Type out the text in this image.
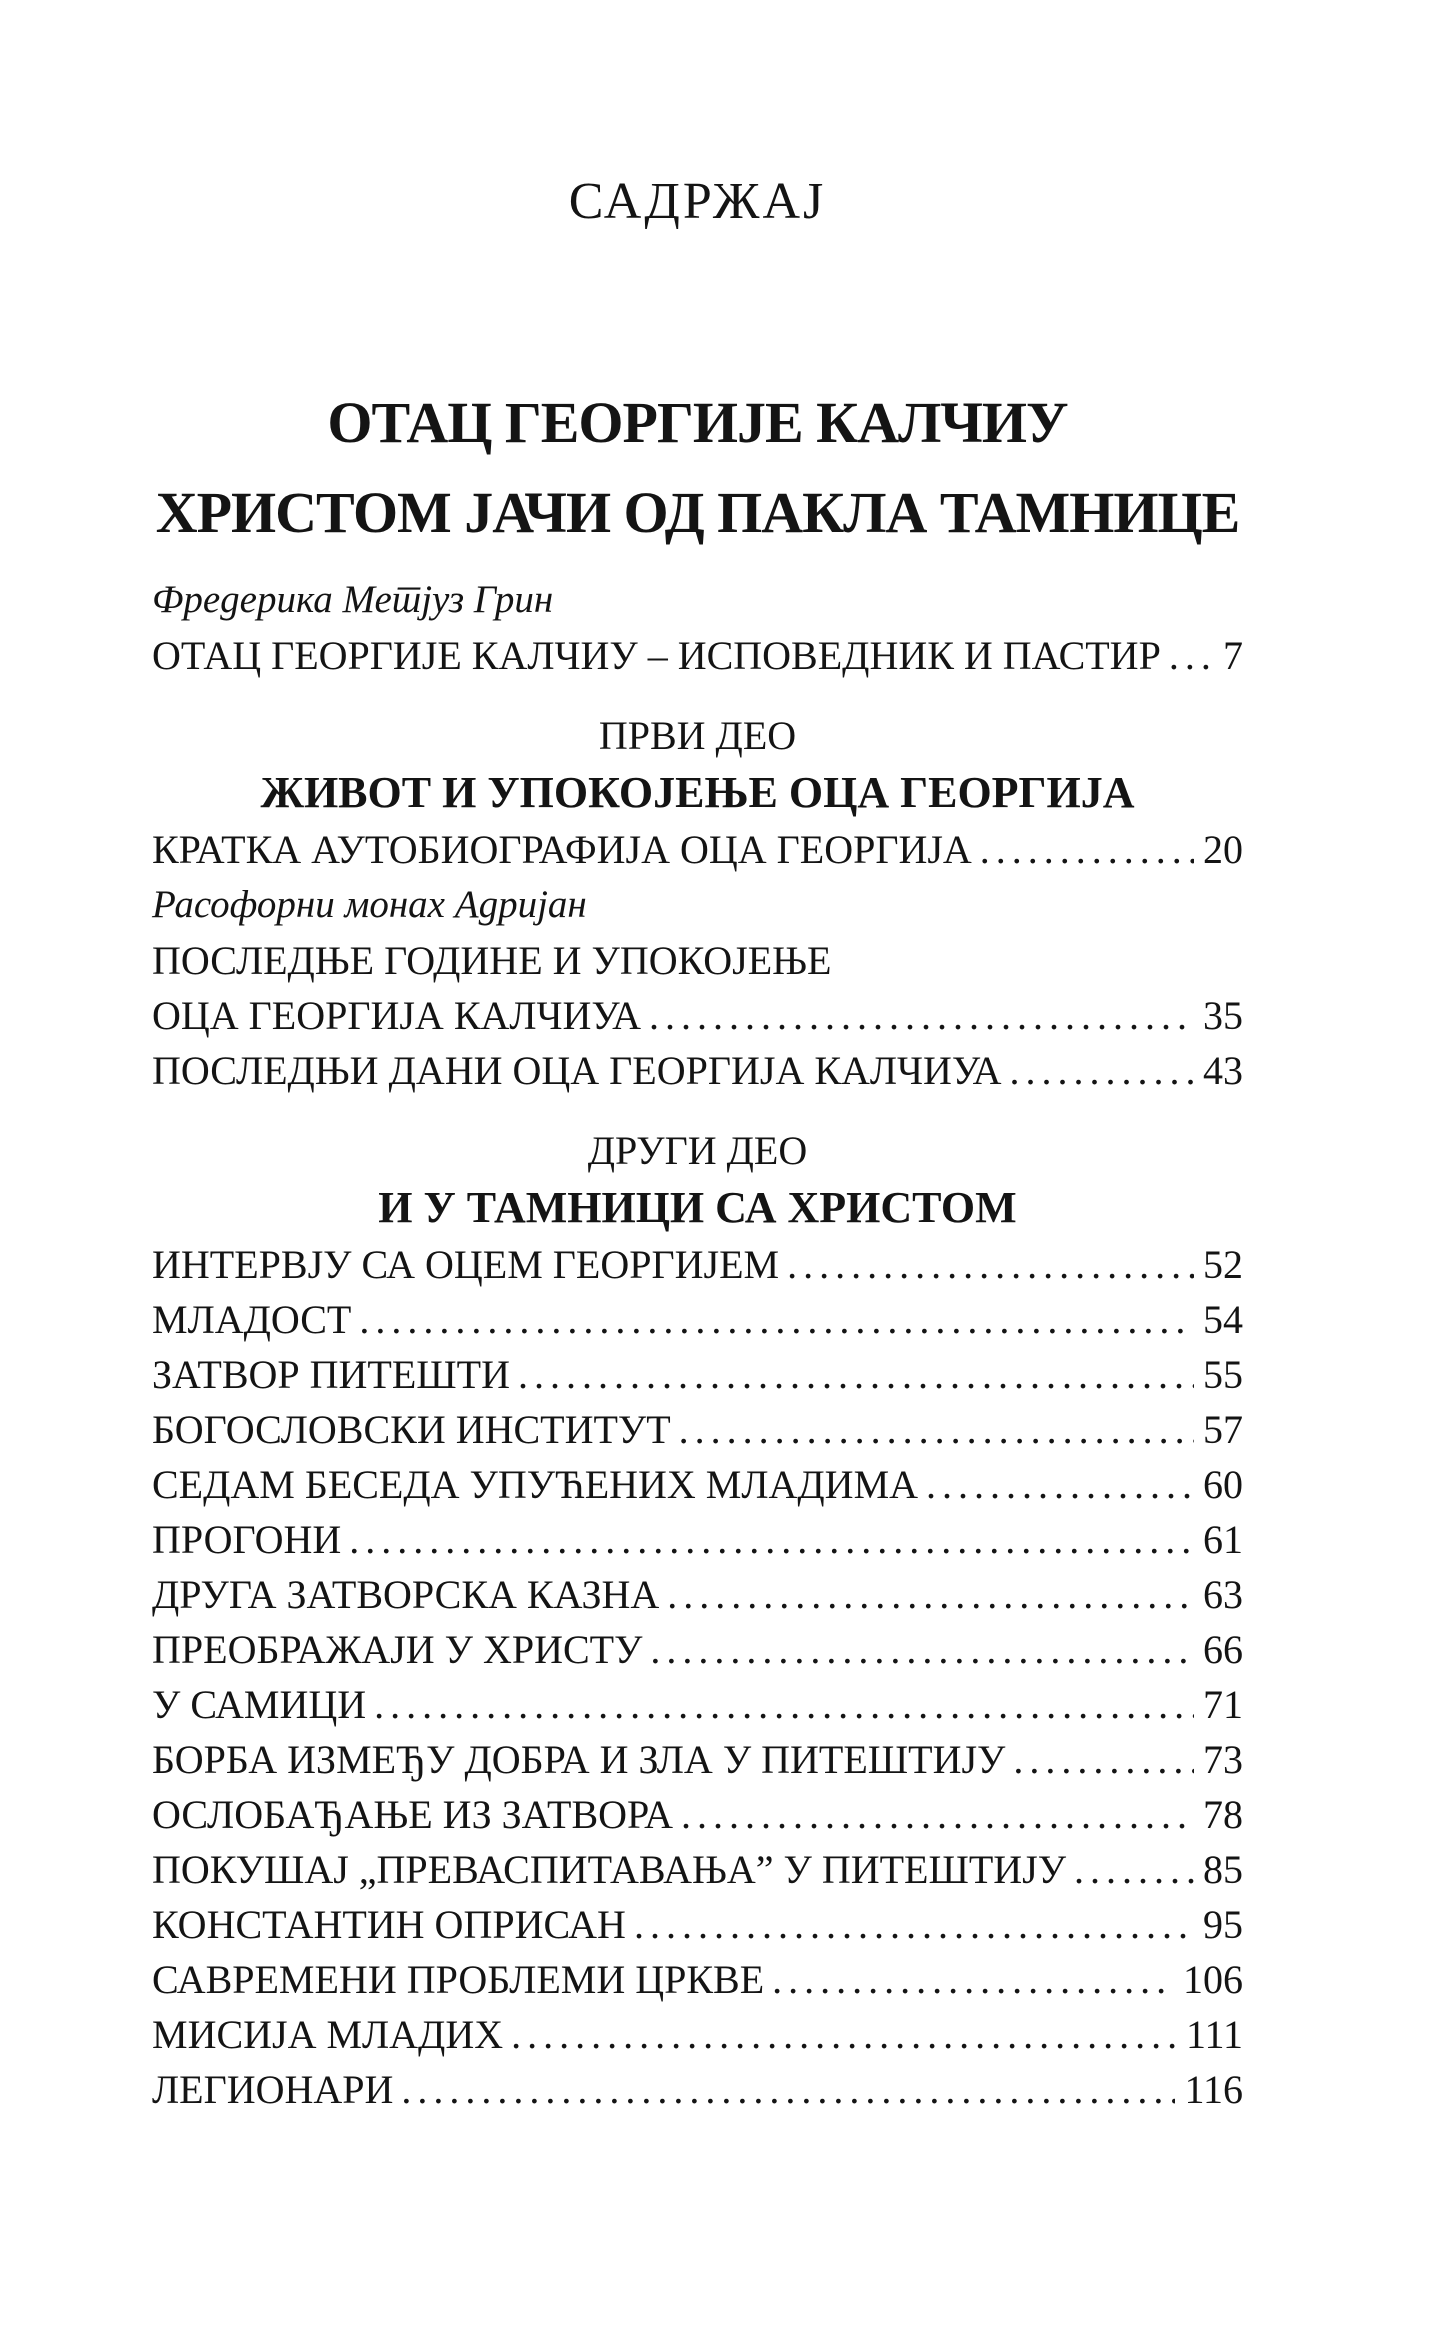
САДРЖАЈ
ОТАЦ ГЕОРГИЈЕ КАЛЧИУ
ХРИСТОМ ЈАЧИ ОД ПАКЛА ТАМНИЦЕ
Фредерика Метјуз Грин
ОТАЦ ГЕОРГИЈЕ КАЛЧИУ – ИСПОВЕДНИК И ПАСТИР ..... 7
ПРВИ ДЕО
ЖИВОТ И УПОКОЈЕЊЕ ОЦА ГЕОРГИЈА
КРАТКА АУТОБИОГРАФИЈА ОЦА ГЕОРГИЈА .....	20
Расофорни монах Адријан
ПОСЛЕДЊЕ ГОДИНЕ И УПОКОЈЕЊЕ
ОЦА ГЕОРГИЈА КАЛЧИУА .....	35
ПОСЛЕДЊИ ДАНИ ОЦА ГЕОРГИЈА КАЛЧИУА .....	43
ДРУГИ ДЕО
И У ТАМНИЦИ СА ХРИСТОМ
ИНТЕРВЈУ СА ОЦЕМ ГЕОРГИЈЕМ .....	52
МЛАДОСТ .....	54
ЗАТВОР ПИТЕШТИ .....	55
БОГОСЛОВСКИ ИНСТИТУТ .....	57
СЕДАМ БЕСЕДА УПУЋЕНИХ МЛАДИМА .....	60
ПРОГОНИ .....	61
ДРУГА ЗАТВОРСКА КАЗНА .....	63
ПРЕОБРАЖАЈИ У ХРИСТУ .....	66
У САМИЦИ .....	71
БОРБА ИЗМЕЂУ ДОБРА И ЗЛА У ПИТЕШТИЈУ .....	73
ОСЛОБАЂАЊЕ ИЗ ЗАТВОРА .....	78
ПОКУШАЈ „ПРЕВАСПИТАВАЊА” У ПИТЕШТИЈУ .....	85
КОНСТАНТИН ОПРИСАН .....	95
САВРЕМЕНИ ПРОБЛЕМИ ЦРКВЕ .....	106
МИСИЈА МЛАДИХ .....	111
ЛЕГИОНАРИ .....	116
